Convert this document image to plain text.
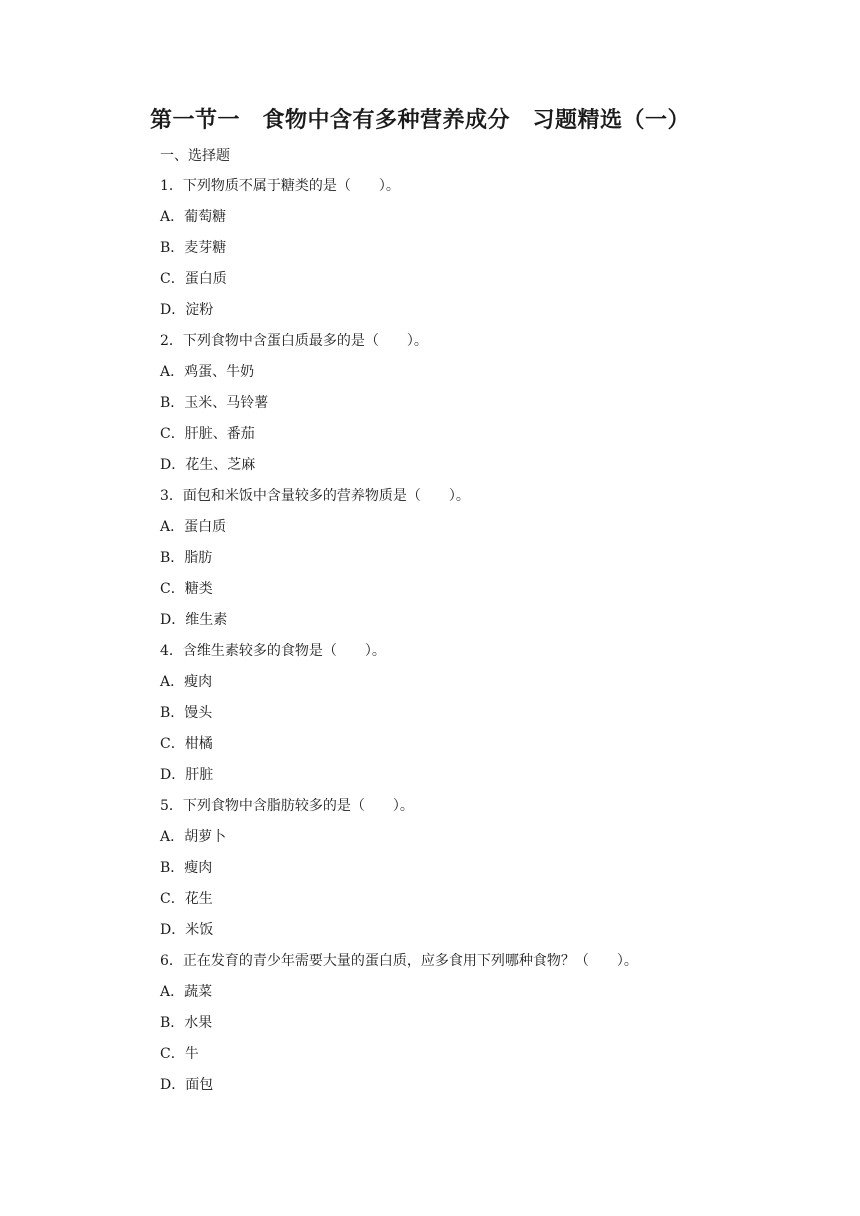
第一节一　食物中含有多种营养成分　习题精选（一）
一、选择题
1．下列物质不属于糖类的是（　　）。
A．葡萄糖
B．麦芽糖
C．蛋白质
D．淀粉
2．下列食物中含蛋白质最多的是（　　）。
A．鸡蛋、牛奶
B．玉米、马铃薯
C．肝脏、番茄
D．花生、芝麻
3．面包和米饭中含量较多的营养物质是（　　）。
A．蛋白质
B．脂肪
C．糖类
D．维生素
4．含维生素较多的食物是（　　）。
A．瘦肉
B．馒头
C．柑橘
D．肝脏
5．下列食物中含脂肪较多的是（　　）。
A．胡萝卜
B．瘦肉
C．花生
D．米饭
6．正在发育的青少年需要大量的蛋白质，应多食用下列哪种食物？（　　）。
A．蔬菜
B．水果
C．牛
D．面包
